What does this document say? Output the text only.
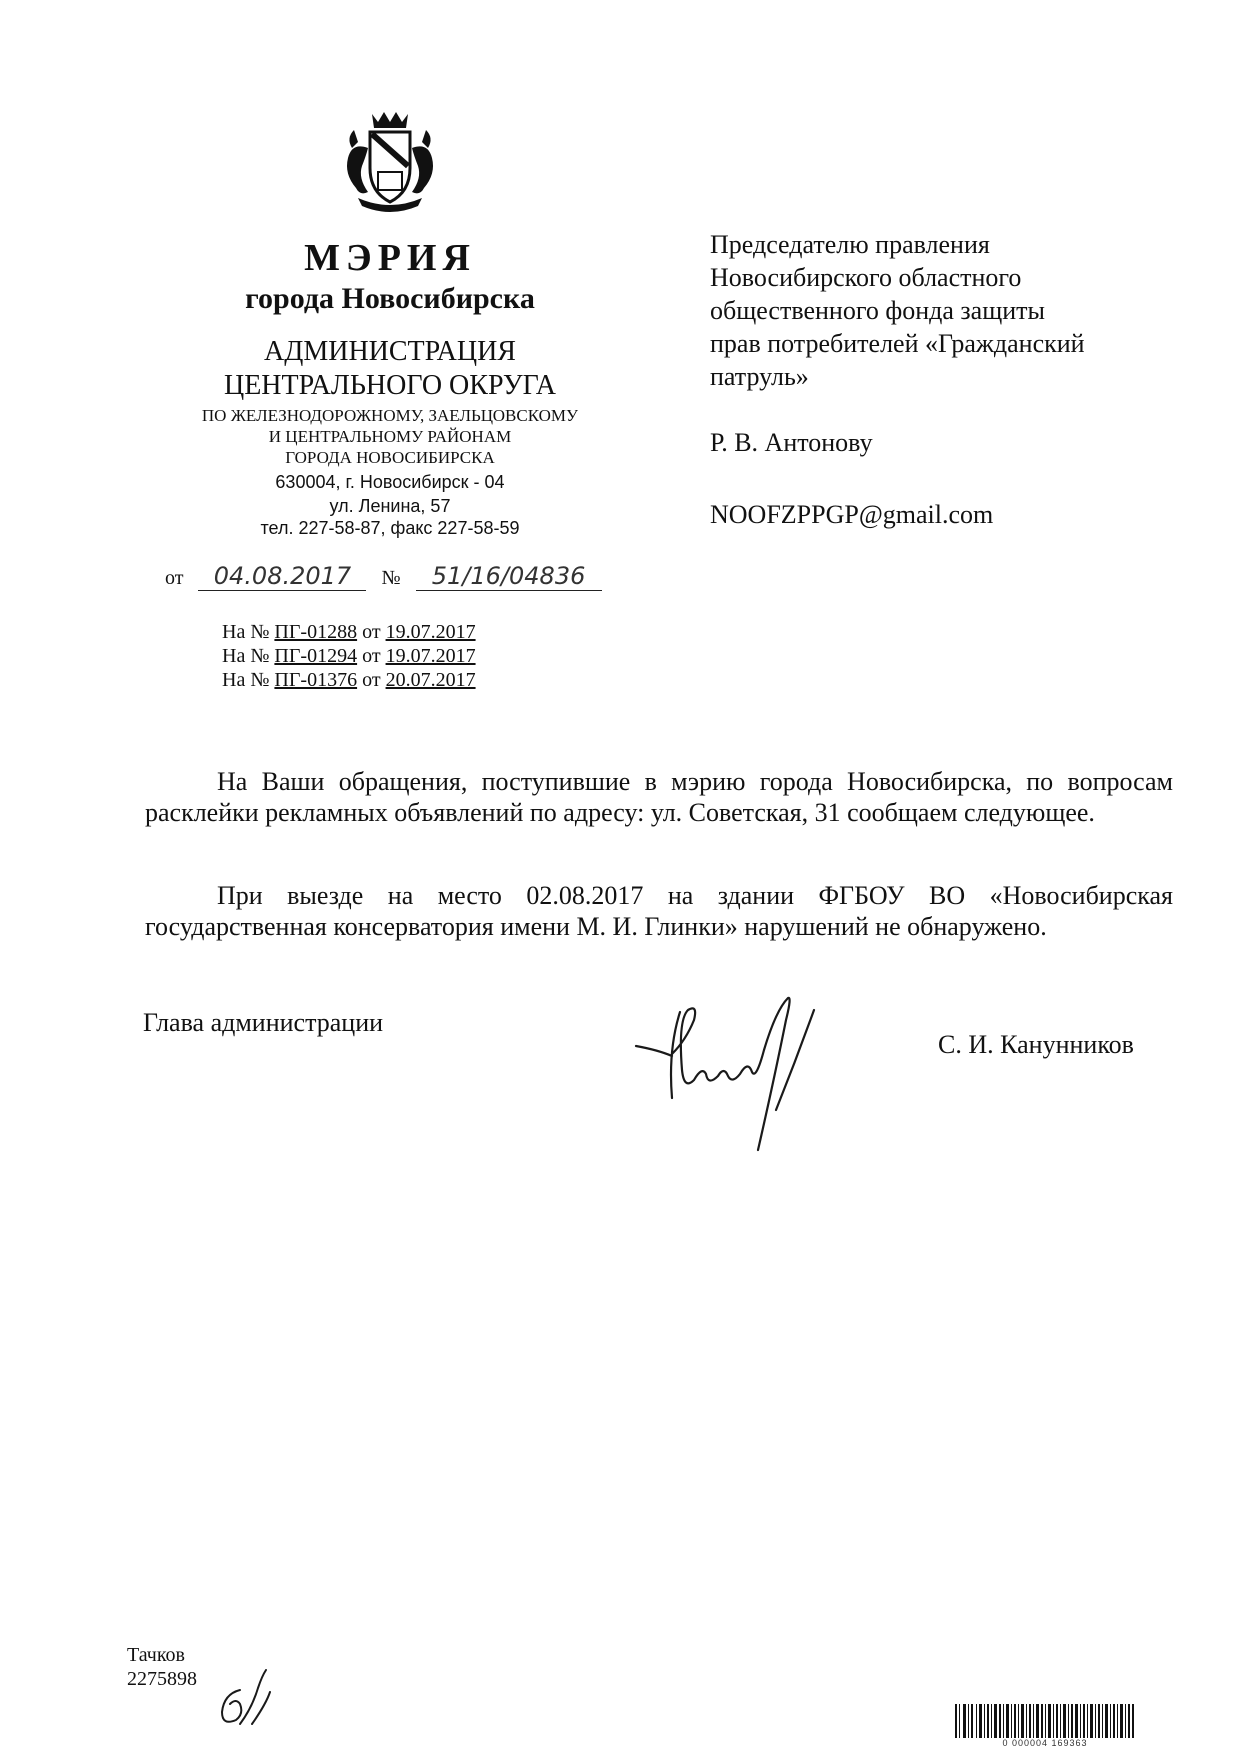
МЭРИЯ
города Новосибирска
АДМИНИСТРАЦИЯ
ЦЕНТРАЛЬНОГО ОКРУГА
ПО ЖЕЛЕЗНОДОРОЖНОМУ, ЗАЕЛЬЦОВСКОМУ
И ЦЕНТРАЛЬНОМУ РАЙОНАМ
ГОРОДА НОВОСИБИРСКА
630004, г. Новосибирск - 04
ул. Ленина, 57
тел. 227-58-87, факс 227-58-59
от 04.08.2017 № 51/16/04836
На № ПГ-01288 от 19.07.2017
На № ПГ-01294 от 19.07.2017
На № ПГ-01376 от 20.07.2017
Председателю правления
Новосибирского областного
общественного фонда защиты
прав потребителей «Гражданский
патруль»
Р. В. Антонову
NOOFZPPGP@gmail.com

На Ваши обращения, поступившие в мэрию города Новосибирска, по вопросам расклейки рекламных объявлений по адресу: ул. Советская, 31 сообщаем следующее.

При выезде на место 02.08.2017 на здании ФГБОУ ВО «Новосибирская государственная консерватория имени М. И. Глинки» нарушений не обнаружено.

Глава администрации
С. И. Канунников
Тачков
2275898
0 000004 169363
